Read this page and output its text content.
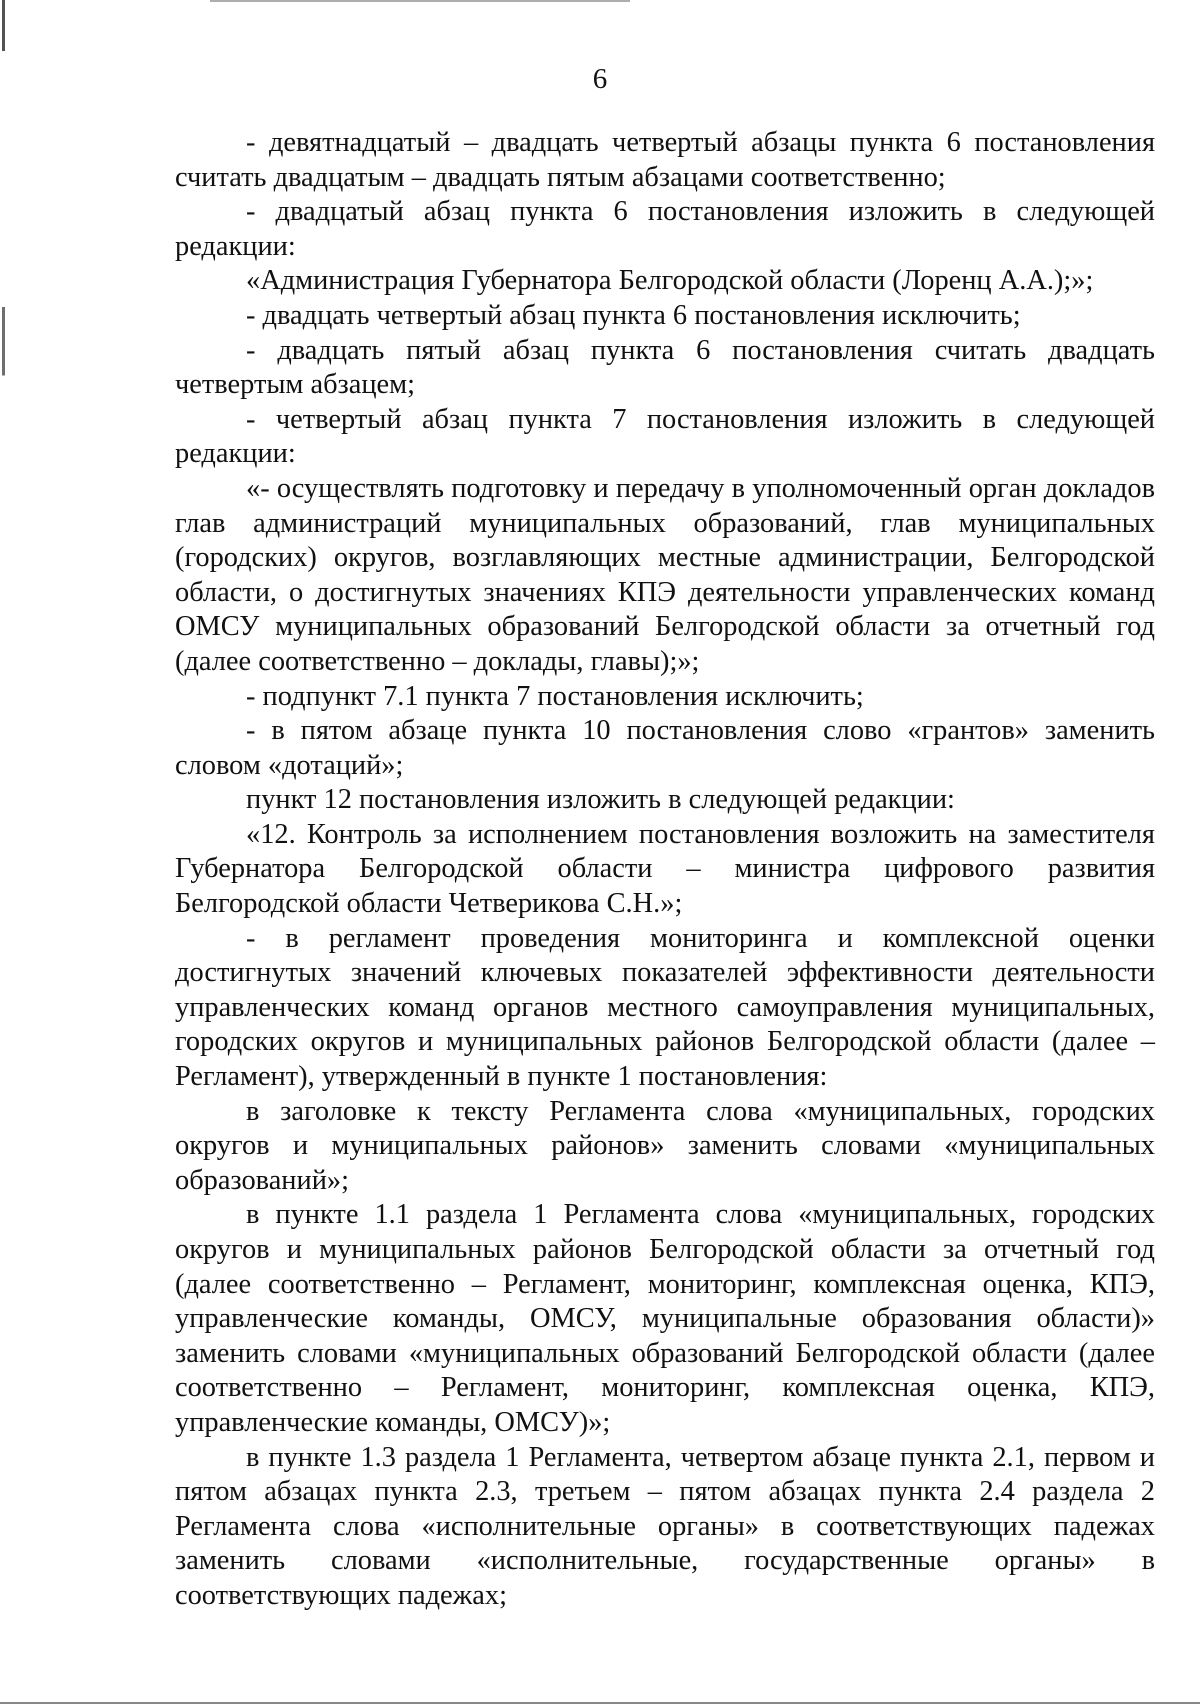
6

- девятнадцатый – двадцать четвертый абзацы пункта 6 постановления считать двадцатым – двадцать пятым абзацами соответственно;

- двадцатый абзац пункта 6 постановления изложить в следующей редакции:

«Администрация Губернатора Белгородской области (Лоренц А.А.);»;

- двадцать четвертый абзац пункта 6 постановления исключить;

- двадцать пятый абзац пункта 6 постановления считать двадцать четвертым абзацем;

- четвертый абзац пункта 7 постановления изложить в следующей редакции:

«- осуществлять подготовку и передачу в уполномоченный орган докладов глав администраций муниципальных образований, глав муниципальных (городских) округов, возглавляющих местные администрации, Белгородской области, о достигнутых значениях КПЭ деятельности управленческих команд ОМСУ муниципальных образований Белгородской области за отчетный год (далее соответственно – доклады, главы);»;

- подпункт 7.1 пункта 7 постановления исключить;

- в пятом абзаце пункта 10 постановления слово «грантов» заменить словом «дотаций»;

пункт 12 постановления изложить в следующей редакции:

«12. Контроль за исполнением постановления возложить на заместителя Губернатора Белгородской области – министра цифрового развития Белгородской области Четверикова С.Н.»;

- в регламент проведения мониторинга и комплексной оценки достигнутых значений ключевых показателей эффективности деятельности управленческих команд органов местного самоуправления муниципальных, городских округов и муниципальных районов Белгородской области (далее – Регламент), утвержденный в пункте 1 постановления:

в заголовке к тексту Регламента слова «муниципальных, городских округов и муниципальных районов» заменить словами «муниципальных образований»;

в пункте 1.1 раздела 1 Регламента слова «муниципальных, городских округов и муниципальных районов Белгородской области за отчетный год (далее соответственно – Регламент, мониторинг, комплексная оценка, КПЭ, управленческие команды, ОМСУ, муниципальные образования области)» заменить словами «муниципальных образований Белгородской области (далее соответственно – Регламент, мониторинг, комплексная оценка, КПЭ, управленческие команды, ОМСУ)»;

в пункте 1.3 раздела 1 Регламента, четвертом абзаце пункта 2.1, первом и пятом абзацах пункта 2.3, третьем – пятом абзацах пункта 2.4 раздела 2 Регламента слова «исполнительные органы» в соответствующих падежах заменить словами «исполнительные, государственные органы» в соответствующих падежах;
